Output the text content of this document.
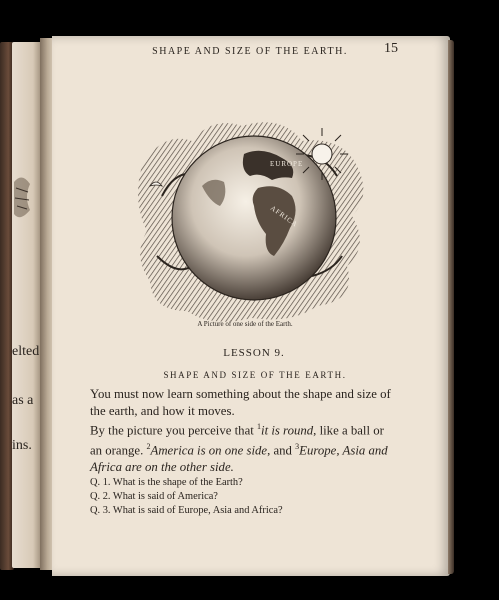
elted
as a
ins.
SHAPE AND SIZE OF THE EARTH.	15
EUROPE
AFRICA
A Picture of one side of the Earth.
LESSON 9.
SHAPE AND SIZE OF THE EARTH.

You must now learn something about the shape and size of the earth, and how it moves.

By the picture you perceive that $^1$it is round, like a ball or an orange. $^2$America is on one side, and $^3$Europe, Asia and Africa are on the other side.

Q. 1. What is the shape of the Earth?
Q. 2. What is said of America?
Q. 3. What is said of Europe, Asia and Africa?
